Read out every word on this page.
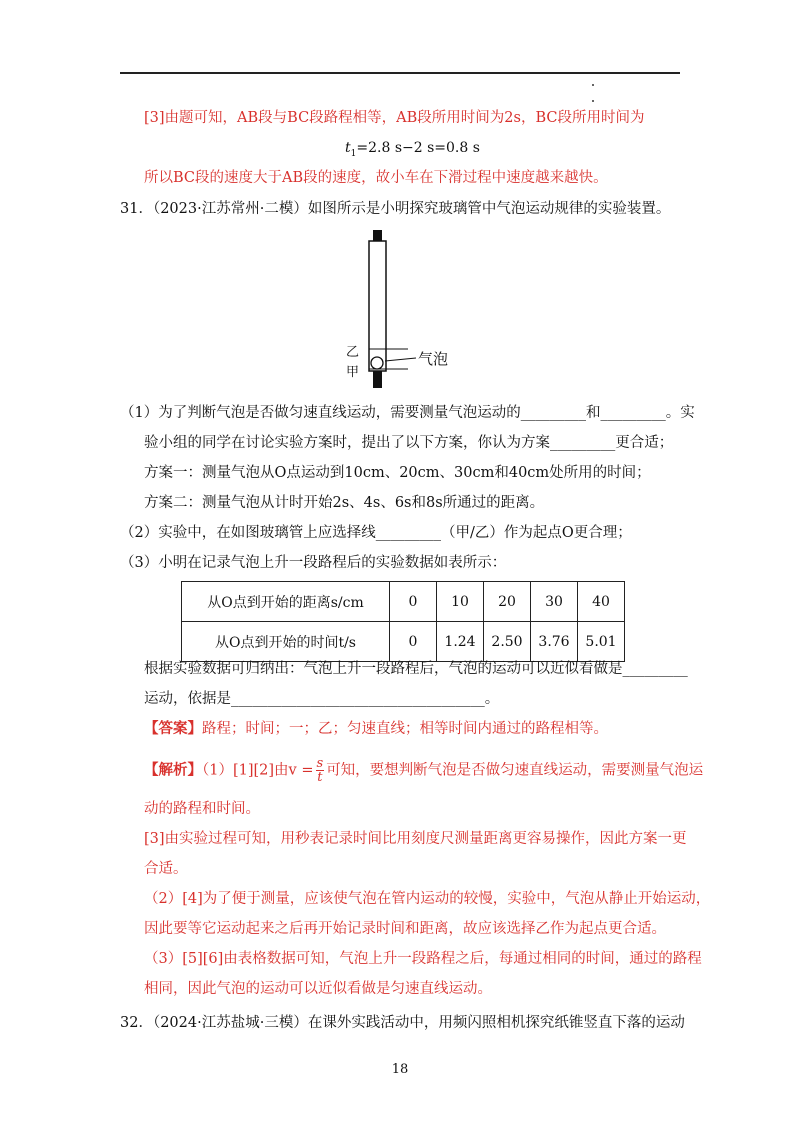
[3]由题可知，AB段与BC段路程相等，AB段所用时间为2s，BC段所用时间为
$t_1=2.8$ s−2 s=0.8 s
所以BC段的速度大于AB段的速度，故小车在下滑过程中速度越来越快。
31．（2023·江苏常州·二模）如图所示是小明探究玻璃管中气泡运动规律的实验装置。
乙
甲
气泡
（1）为了判断气泡是否做匀速直线运动，需要测量气泡运动的_________和_________。实
验小组的同学在讨论实验方案时，提出了以下方案，你认为方案_________更合适；
方案一：测量气泡从O点运动到10cm、20cm、30cm和40cm处所用的时间；
方案二：测量气泡从计时开始2s、4s、6s和8s所通过的距离。
（2）实验中，在如图玻璃管上应选择线_________（甲/乙）作为起点O更合理；
（3）小明在记录气泡上升一段路程后的实验数据如表所示：
从O点到开始的距离s/cm	0	10	20	30	40
从O点到开始的时间t/s	0	1.24	2.50	3.76	5.01
根据实验数据可归纳出：气泡上升一段路程后，气泡的运动可以近似看做是_________
运动，依据是___________________________________。
【答案】路程；时间；一；乙；匀速直线；相等时间内通过的路程相等。
【解析】（1）[1][2]由$v = \frac{s}{t}$ 可知，要想判断气泡是否做匀速直线运动，需要测量气泡运
动的路程和时间。
[3]由实验过程可知，用秒表记录时间比用刻度尺测量距离更容易操作，因此方案一更
合适。
（2）[4]为了便于测量，应该使气泡在管内运动的较慢，实验中，气泡从静止开始运动，
因此要等它运动起来之后再开始记录时间和距离，故应该选择乙作为起点更合适。
（3）[5][6]由表格数据可知，气泡上升一段路程之后，每通过相同的时间，通过的路程
相同，因此气泡的运动可以近似看做是匀速直线运动。
32．（2024·江苏盐城·三模）在课外实践活动中，用频闪照相机探究纸锥竖直下落的运动
18
